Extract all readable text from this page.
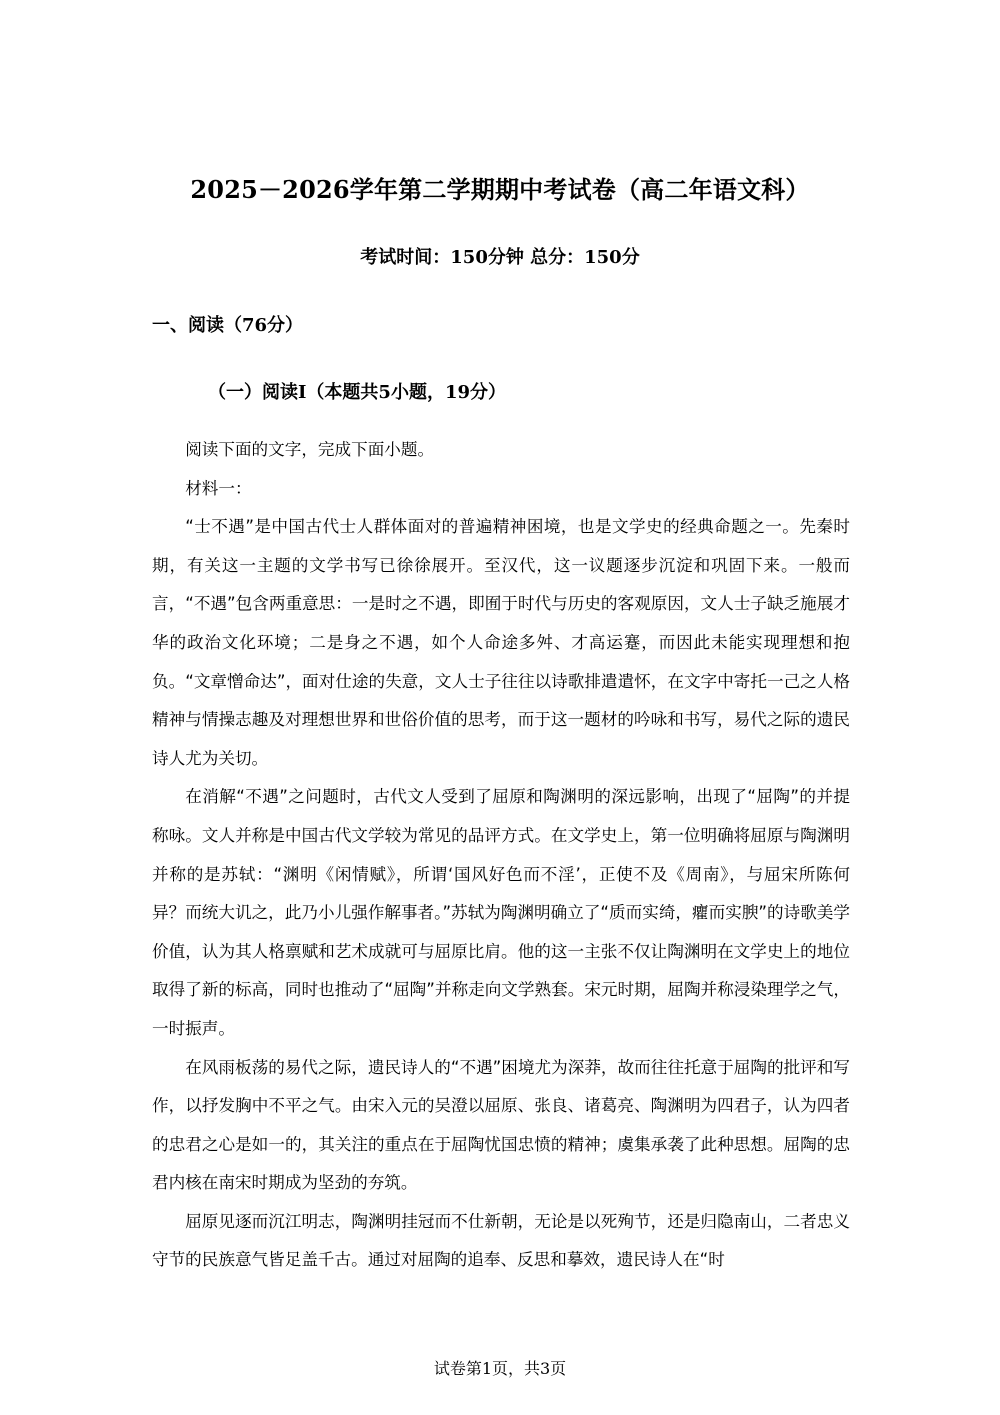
2025－2026学年第二学期期中考试卷（高二年语文科）
考试时间：150分钟 总分：150分
一、阅读（76分）
（一）阅读Ⅰ（本题共5小题，19分）

阅读下面的文字，完成下面小题。

材料一：

“士不遇”是中国古代士人群体面对的普遍精神困境，也是文学史的经典命题之一。先秦时期，有关这一主题的文学书写已徐徐展开。至汉代，这一议题逐步沉淀和巩固下来。一般而言，“不遇”包含两重意思：一是时之不遇，即囿于时代与历史的客观原因，文人士子缺乏施展才华的政治文化环境；二是身之不遇，如个人命途多舛、才高运蹇，而因此未能实现理想和抱负。“文章憎命达”，面对仕途的失意，文人士子往往以诗歌排遣遣怀，在文字中寄托一己之人格精神与情操志趣及对理想世界和世俗价值的思考，而于这一题材的吟咏和书写，易代之际的遗民诗人尤为关切。

在消解“不遇”之问题时，古代文人受到了屈原和陶渊明的深远影响，出现了“屈陶”的并提称咏。文人并称是中国古代文学较为常见的品评方式。在文学史上，第一位明确将屈原与陶渊明并称的是苏轼：“渊明《闲情赋》，所谓‘国风好色而不淫’，正使不及《周南》，与屈宋所陈何异？而统大讥之，此乃小儿强作解事者。”苏轼为陶渊明确立了“质而实绮，癯而实腴”的诗歌美学价值，认为其人格禀赋和艺术成就可与屈原比肩。他的这一主张不仅让陶渊明在文学史上的地位取得了新的标高，同时也推动了“屈陶”并称走向文学熟套。宋元时期，屈陶并称浸染理学之气，一时振声。

在风雨板荡的易代之际，遗民诗人的“不遇”困境尤为深莽，故而往往托意于屈陶的批评和写作，以抒发胸中不平之气。由宋入元的吴澄以屈原、张良、诸葛亮、陶渊明为四君子，认为四者的忠君之心是如一的，其关注的重点在于屈陶忧国忠愤的精神；虞集承袭了此种思想。屈陶的忠君内核在南宋时期成为坚劲的夯筑。

屈原见逐而沉江明志，陶渊明挂冠而不仕新朝，无论是以死殉节，还是归隐南山，二者忠义守节的民族意气皆足盖千古。通过对屈陶的追奉、反思和摹效，遗民诗人在“时

试卷第1页，共3页
